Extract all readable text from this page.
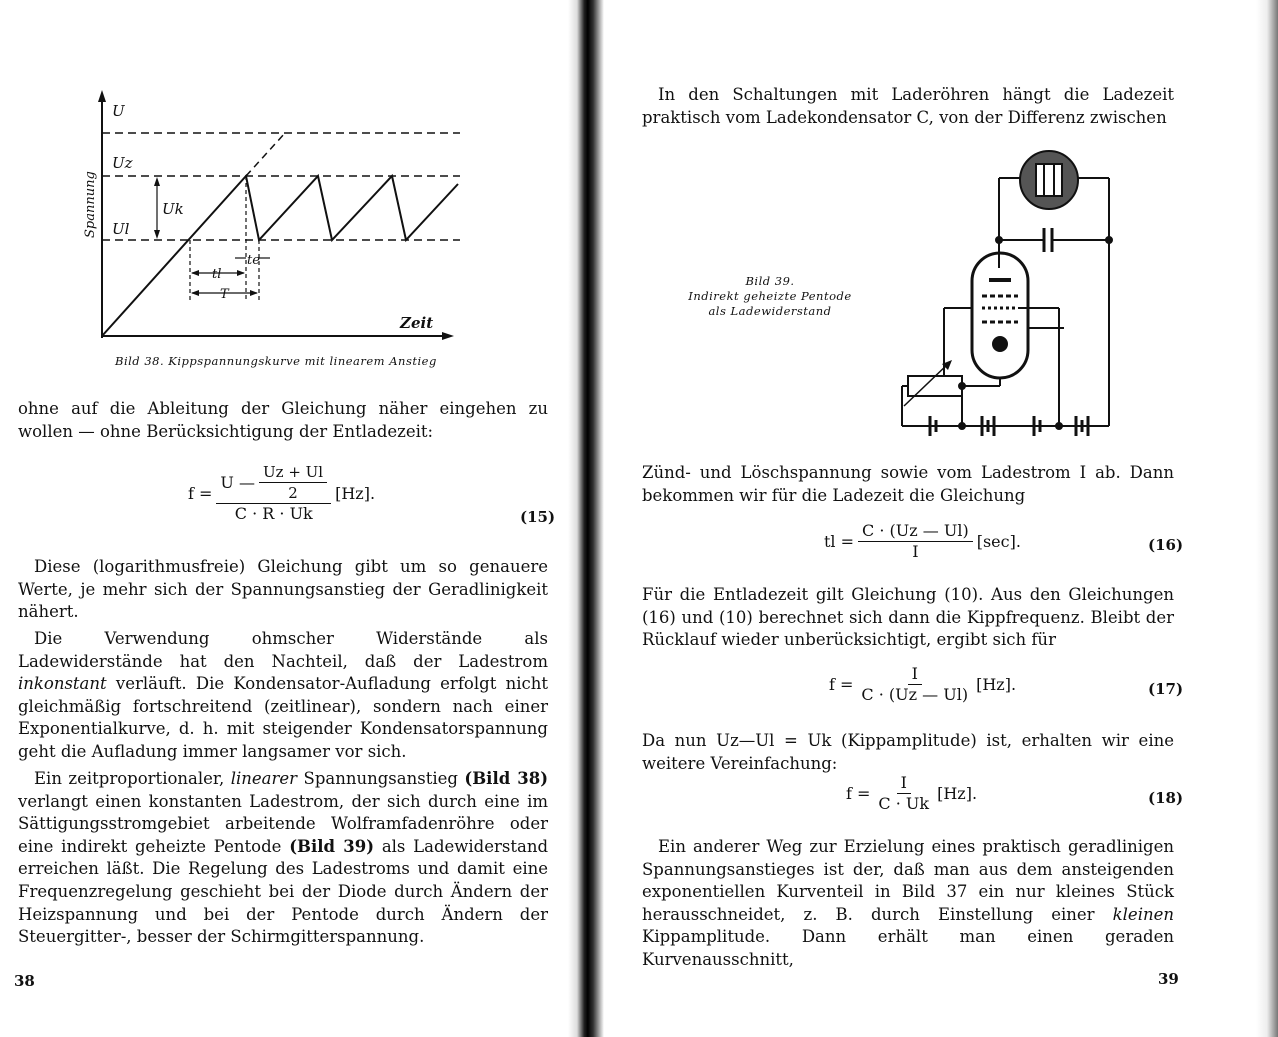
U
Uz
Ul
Uk
tl
te
T
Zeit
Spannung
Bild 38. Kippspannungskurve mit linearem Anstieg

ohne auf die Ableitung der Gleichung näher eingehen zu wollen — ohne Berücksichtigung der Entladezeit:

$f = \frac{U — \frac{Uz + Ul}{2}}{C \cdot R \cdot Uk} [Hz]$.
(15)

Diese (logarithmusfreie) Gleichung gibt um so genauere Werte, je mehr sich der Spannungsanstieg der Geradlinigkeit nähert.

Die Verwendung ohmscher Widerstände als Ladewiderstände hat den Nachteil, daß der Ladestrom inkonstant verläuft. Die Kondensator-Aufladung erfolgt nicht gleichmäßig fortschreitend (zeitlinear), sondern nach einer Exponentialkurve, d. h. mit steigender Kondensatorspannung geht die Aufladung immer langsamer vor sich.

Ein zeitproportionaler, linearer Spannungsanstieg (Bild 38) verlangt einen konstanten Ladestrom, der sich durch eine im Sättigungsstromgebiet arbeitende Wolframfadenröhre oder eine indirekt geheizte Pentode (Bild 39) als Ladewiderstand erreichen läßt. Die Regelung des Ladestroms und damit eine Frequenzregelung geschieht bei der Diode durch Ändern der Heizspannung und bei der Pentode durch Ändern der Steuergitter-, besser der Schirmgitterspannung.

38

In den Schaltungen mit Laderöhren hängt die Ladezeit praktisch vom Ladekondensator C, von der Differenz zwischen

Bild 39.
Indirekt geheizte Pentode
als Ladewiderstand

Zünd- und Löschspannung sowie vom Ladestrom I ab. Dann bekommen wir für die Ladezeit die Gleichung

tl = $\frac{C \cdot (Uz — Ul)}{I} [\sec]$.	(16)

Für die Entladezeit gilt Gleichung (10). Aus den Gleichungen (16) und (10) berechnet sich dann die Kippfrequenz. Bleibt der Rücklauf wieder unberücksichtigt, ergibt sich für

$f = \frac{I}{C \cdot (Uz — Ul)} [Hz]$.	(17)

Da nun Uz—Ul = Uk (Kippamplitude) ist, erhalten wir eine weitere Vereinfachung:

$f = \frac{I}{C \cdot Uk} [Hz]$.	(18)

Ein anderer Weg zur Erzielung eines praktisch geradlinigen Spannungsanstieges ist der, daß man aus dem ansteigenden exponentiellen Kurventeil in Bild 37 ein nur kleines Stück herausschneidet, z. B. durch Einstellung einer kleinen Kippamplitude. Dann erhält man einen geraden Kurvenausschnitt,

39
